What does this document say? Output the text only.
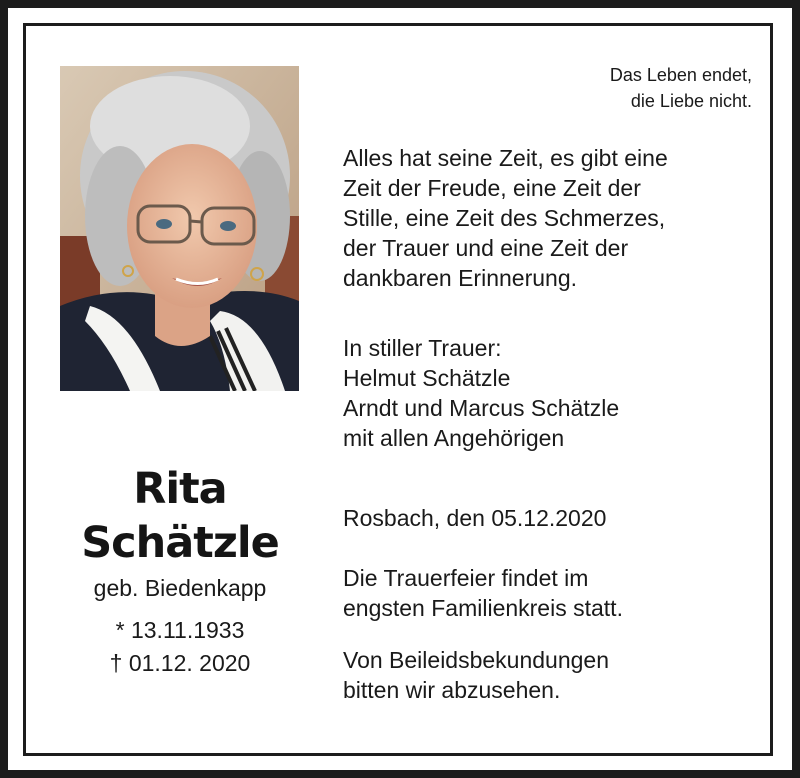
Rita
Schätzle
geb. Biedenkapp
* 13.11.1933
† 01.12. 2020
Das Leben endet,
die Liebe nicht.
Alles hat seine Zeit, es gibt eine
Zeit der Freude, eine Zeit der
Stille, eine Zeit des Schmerzes,
der Trauer und eine Zeit der
dankbaren Erinnerung.
In stiller Trauer:
Helmut Schätzle
Arndt und Marcus Schätzle
mit allen Angehörigen
Rosbach, den 05.12.2020
Die Trauerfeier findet im
engsten Familienkreis statt.
Von Beileidsbekundungen
bitten wir abzusehen.
